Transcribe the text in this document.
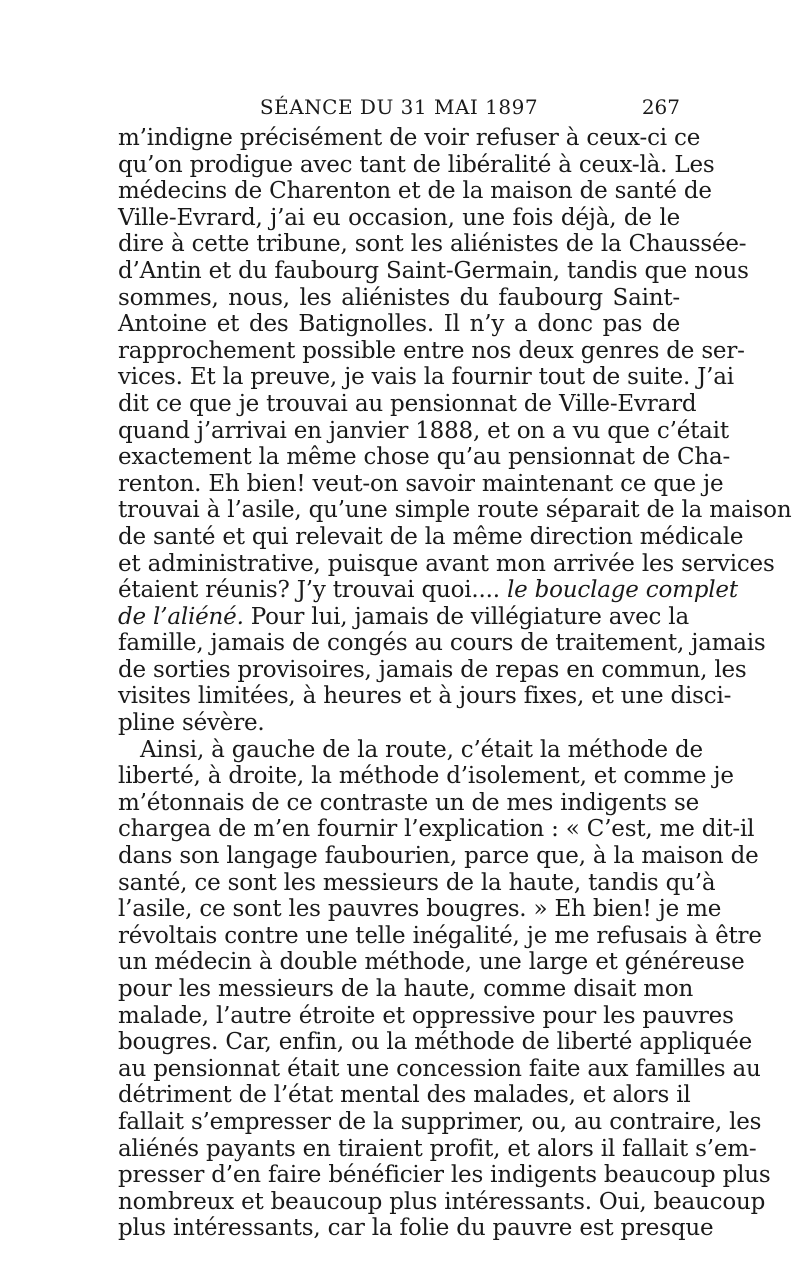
SÉANCE DU 31 MAI 1897	267
m’indigne précisément de voir refuser à ceux-ci ce
qu’on prodigue avec tant de libéralité à ceux-là. Les
médecins de Charenton et de la maison de santé de
Ville-Evrard, j’ai eu occasion, une fois déjà, de le
dire à cette tribune, sont les aliénistes de la Chaussée-
d’Antin et du faubourg Saint-Germain, tandis que nous
sommes, nous, les aliénistes du faubourg Saint-
Antoine et des Batignolles. Il n’y a donc pas de
rapprochement possible entre nos deux genres de ser-
vices. Et la preuve, je vais la fournir tout de suite. J’ai
dit ce que je trouvai au pensionnat de Ville-Evrard
quand j’arrivai en janvier 1888, et on a vu que c’était
exactement la même chose qu’au pensionnat de Cha-
renton. Eh bien! veut-on savoir maintenant ce que je
trouvai à l’asile, qu’une simple route séparait de la maison
de santé et qui relevait de la même direction médicale
et administrative, puisque avant mon arrivée les services
étaient réunis? J’y trouvai quoi.... le bouclage complet
de l’aliéné. Pour lui, jamais de villégiature avec la
famille, jamais de congés au cours de traitement, jamais
de sorties provisoires, jamais de repas en commun, les
visites limitées, à heures et à jours fixes, et une disci-
pline sévère.
Ainsi, à gauche de la route, c’était la méthode de
liberté, à droite, la méthode d’isolement, et comme je
m’étonnais de ce contraste un de mes indigents se
chargea de m’en fournir l’explication : « C’est, me dit-il
dans son langage faubourien, parce que, à la maison de
santé, ce sont les messieurs de la haute, tandis qu’à
l’asile, ce sont les pauvres bougres. » Eh bien! je me
révoltais contre une telle inégalité, je me refusais à être
un médecin à double méthode, une large et généreuse
pour les messieurs de la haute, comme disait mon
malade, l’autre étroite et oppressive pour les pauvres
bougres. Car, enfin, ou la méthode de liberté appliquée
au pensionnat était une concession faite aux familles au
détriment de l’état mental des malades, et alors il
fallait s’empresser de la supprimer, ou, au contraire, les
aliénés payants en tiraient profit, et alors il fallait s’em-
presser d’en faire bénéficier les indigents beaucoup plus
nombreux et beaucoup plus intéressants. Oui, beaucoup
plus intéressants, car la folie du pauvre est presque
